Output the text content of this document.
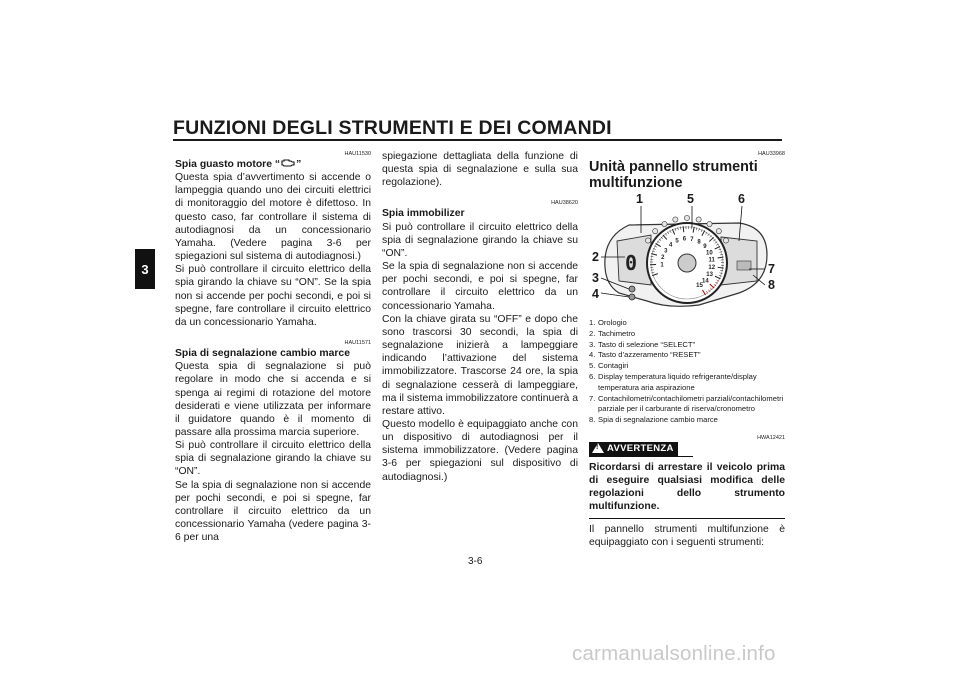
FUNZIONI DEGLI STRUMENTI E DEI COMANDI
3
HAU11530
Spia guasto motore “ ”
Questa spia d’avvertimento si accende o lampeggia quando uno dei circuiti elettrici di monitoraggio del motore è difettoso. In questo caso, far controllare il sistema di autodiagnosi da un concessionario Yamaha. (Vedere pagina 3-6 per spiegazioni sul sistema di autodiagnosi.)
Si può controllare il circuito elettrico della spia girando la chiave su “ON”. Se la spia non si accende per pochi secondi, e poi si spegne, fare controllare il circuito elettrico da un concessionario Yamaha.
HAU11571
Spia di segnalazione cambio marce
Questa spia di segnalazione si può regolare in modo che si accenda e si spenga ai regimi di rotazione del motore desiderati e viene utilizzata per informare il guidatore quando è il momento di passare alla prossima marcia superiore.
Si può controllare il circuito elettrico della spia di segnalazione girando la chiave su “ON”.
Se la spia di segnalazione non si accende per pochi secondi, e poi si spegne, far controllare il circuito elettrico da un concessionario Yamaha (vedere pagina 3-6 per una
spiegazione dettagliata della funzione di questa spia di segnalazione e sulla sua regolazione).
HAU38620
Spia immobilizer
Si può controllare il circuito elettrico della spia di segnalazione girando la chiave su “ON”.
Se la spia di segnalazione non si accende per pochi secondi, e poi si spegne, far controllare il circuito elettrico da un concessionario Yamaha.
Con la chiave girata su “OFF” e dopo che sono trascorsi 30 secondi, la spia di segnalazione inizierà a lampeggiare indicando l’attivazione del sistema immobilizzatore. Trascorse 24 ore, la spia di segnalazione cesserà di lampeggiare, ma il sistema immobilizzatore continuerà a restare attivo.
Questo modello è equipaggiato anche con un dispositivo di autodiagnosi per il sistema immobilizzatore. (Vedere pagina 3-6 per spiegazioni sul dispositivo di autodiagnosi.)
HAU33968
Unità pannello strumenti multifunzione
0	1
2
3
4
5 6 7 8
9
10
11
12
13
14
15
1	5	6
2
7
3	8
4
1. Orologio
2. Tachimetro
3. Tasto di selezione “SELECT”
4. Tasto d’azzeramento “RESET”
5. Contagiri
6. Display temperatura liquido refrigerante/display temperatura aria aspirazione
7. Contachilometri/contachilometri parziali/contachilometri parziale per il carburante di riserva/cronometro
8. Spia di segnalazione cambio marce
HWA12421
! AVVERTENZA
Ricordarsi di arrestare il veicolo prima di eseguire qualsiasi modifica delle regolazioni dello strumento multifunzione.
Il pannello strumenti multifunzione è equipaggiato con i seguenti strumenti:
3-6
carmanualsonline.info
